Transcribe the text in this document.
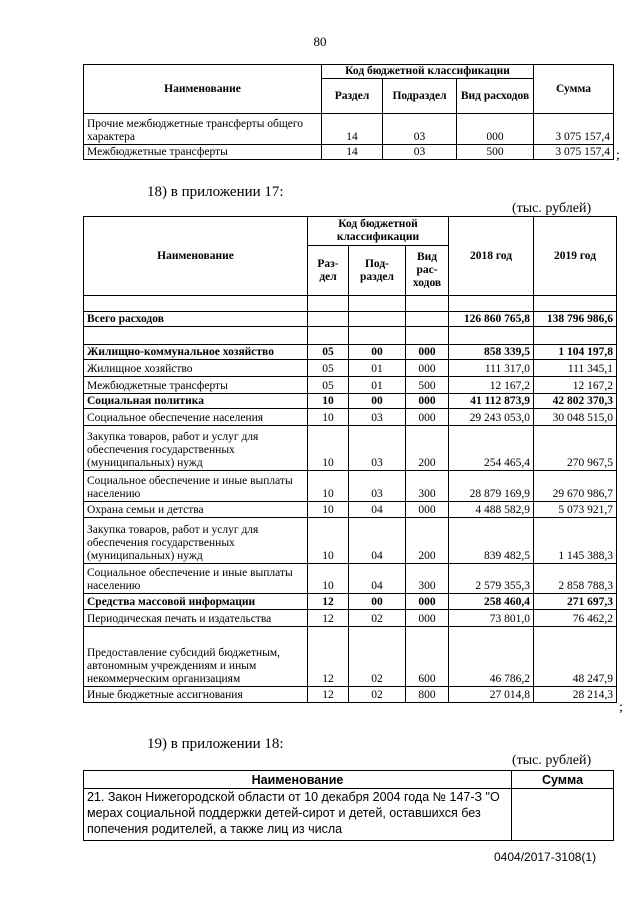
80
Наименование	Код бюджетной классификации			Сумма
	Раздел	Подраздел	Вид расходов	
Прочие межбюджетные трансферты общего характера	14	03	000	3 075 157,4
Межбюджетные трансферты	14	03	500	3 075 157,4 ;
18) в приложении 17:
(тыс. рублей)
Наименование	Код бюджетной классификации			2018 год	2019 год
	Раз-дел	Под-раздел	Вид рас-ходов		

Всего расходов				126 860 765,8	138 796 986,6

Жилищно-коммунальное хозяйство	05	00	000	858 339,5	1 104 197,8
Жилищное хозяйство	05	01	000	111 317,0	111 345,1
Межбюджетные трансферты	05	01	500	12 167,2	12 167,2
Социальная политика	10	00	000	41 112 873,9	42 802 370,3
Социальное обеспечение населения	10	03	000	29 243 053,0	30 048 515,0
Закупка товаров, работ и услуг для обеспечения государственных (муниципальных) нужд	10	03	200	254 465,4	270 967,5
Социальное обеспечение и иные выплаты населению	10	03	300	28 879 169,9	29 670 986,7
Охрана семьи и детства	10	04	000	4 488 582,9	5 073 921,7
Закупка товаров, работ и услуг для обеспечения государственных (муниципальных) нужд	10	04	200	839 482,5	1 145 388,3
Социальное обеспечение и иные выплаты населению	10	04	300	2 579 355,3	2 858 788,3
Средства массовой информации	12	00	000	258 460,4	271 697,3
Периодическая печать и издательства	12	02	000	73 801,0	76 462,2
Предоставление субсидий бюджетным, автономным учреждениям и иным некоммерческим организациям	12	02	600	46 786,2	48 247,9
Иные бюджетные ассигнования	12	02	800	27 014,8	28 214,3
;
19) в приложении 18:
(тыс. рублей)
Наименование	Сумма
21. Закон Нижегородской области от 10 декабря 2004 года № 147-З "О мерах социальной поддержки детей-сирот и детей, оставшихся без попечения родителей, а также лиц из числа	
0404/2017-3108(1)
